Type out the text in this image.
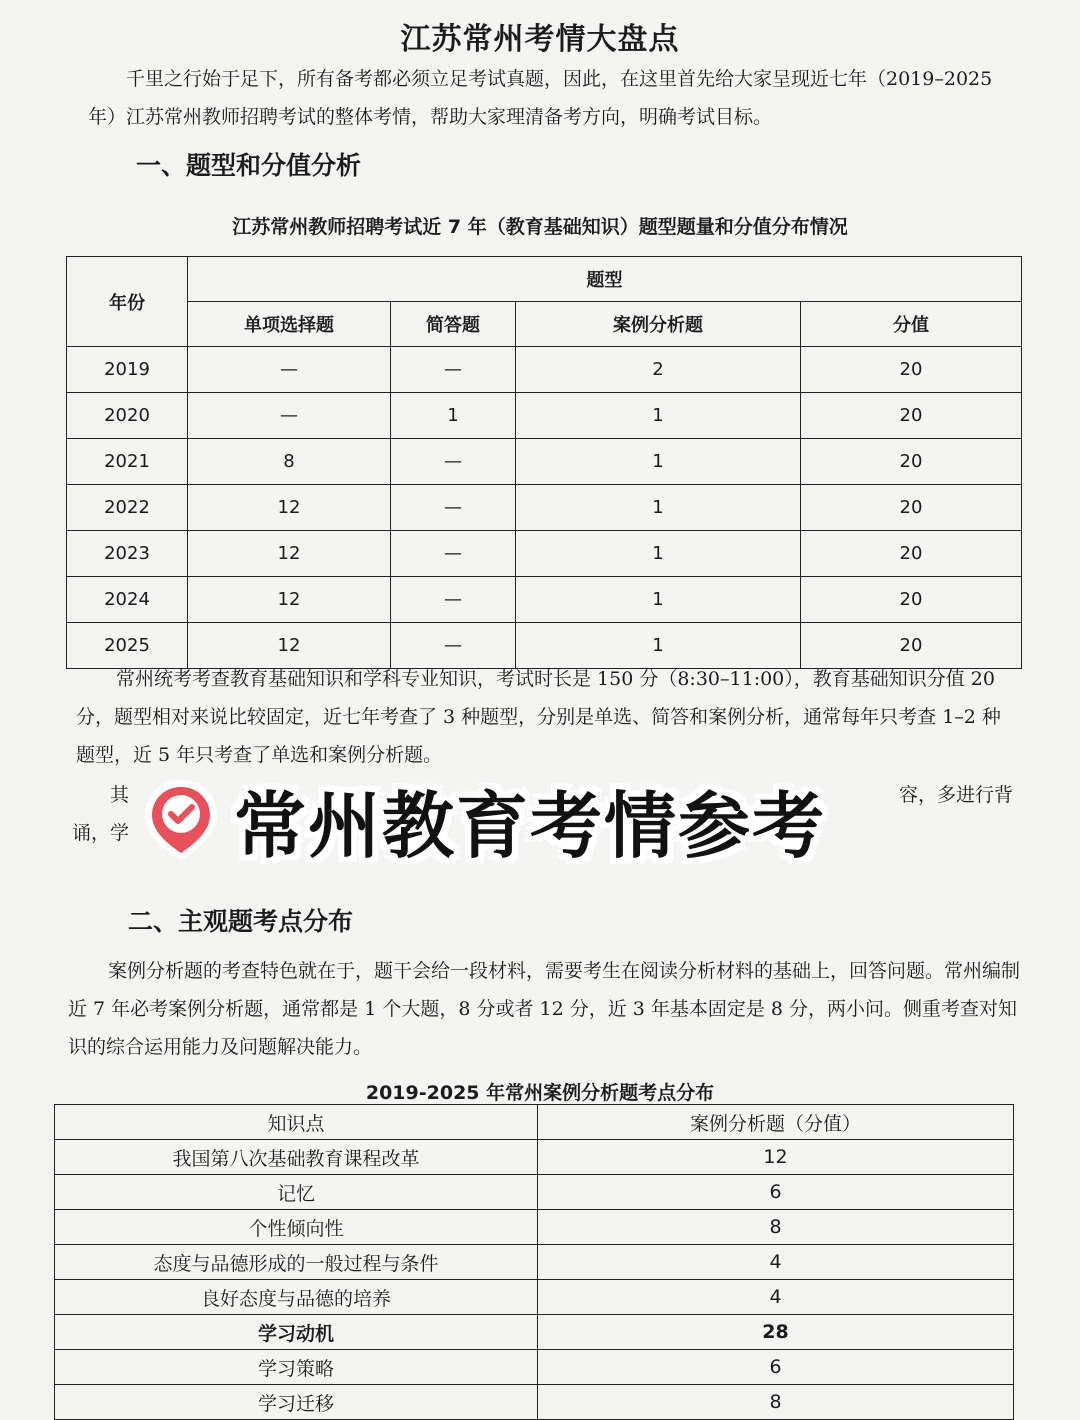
江苏常州考情大盘点

千里之行始于足下，所有备考都必须立足考试真题，因此，在这里首先给大家呈现近七年（2019–2025年）江苏常州教师招聘考试的整体考情，帮助大家理清备考方向，明确考试目标。

一、题型和分值分析
江苏常州教师招聘考试近 7 年（教育基础知识）题型题量和分值分布情况
年份	题型			
	单项选择题	简答题	案例分析题	分值
2019	—	—	2	20
2020	—	1	1	20
2021	8	—	1	20
2022	12	—	1	20
2023	12	—	1	20
2024	12	—	1	20
2025	12	—	1	20

常州统考考查教育基础知识和学科专业知识，考试时长是 150 分（8:30–11:00），教育基础知识分值 20 分，题型相对来说比较固定，近七年考查了 3 种题型，分别是单选、简答和案例分析，通常每年只考查 1–2 种题型，近 5 年只考查了单选和案例分析题。

其	容，多进行背
诵，学	常州教育考情参考
二、主观题考点分布

案例分析题的考查特色就在于，题干会给一段材料，需要考生在阅读分析材料的基础上，回答问题。常州编制近 7 年必考案例分析题，通常都是 1 个大题，8 分或者 12 分，近 3 年基本固定是 8 分，两小问。侧重考查对知识的综合运用能力及问题解决能力。

2019-2025 年常州案例分析题考点分布
知识点	案例分析题（分值）
我国第八次基础教育课程改革	12
记忆	6
个性倾向性	8
态度与品德形成的一般过程与条件	4
良好态度与品德的培养	4
学习动机	28
学习策略	6
学习迁移	8
